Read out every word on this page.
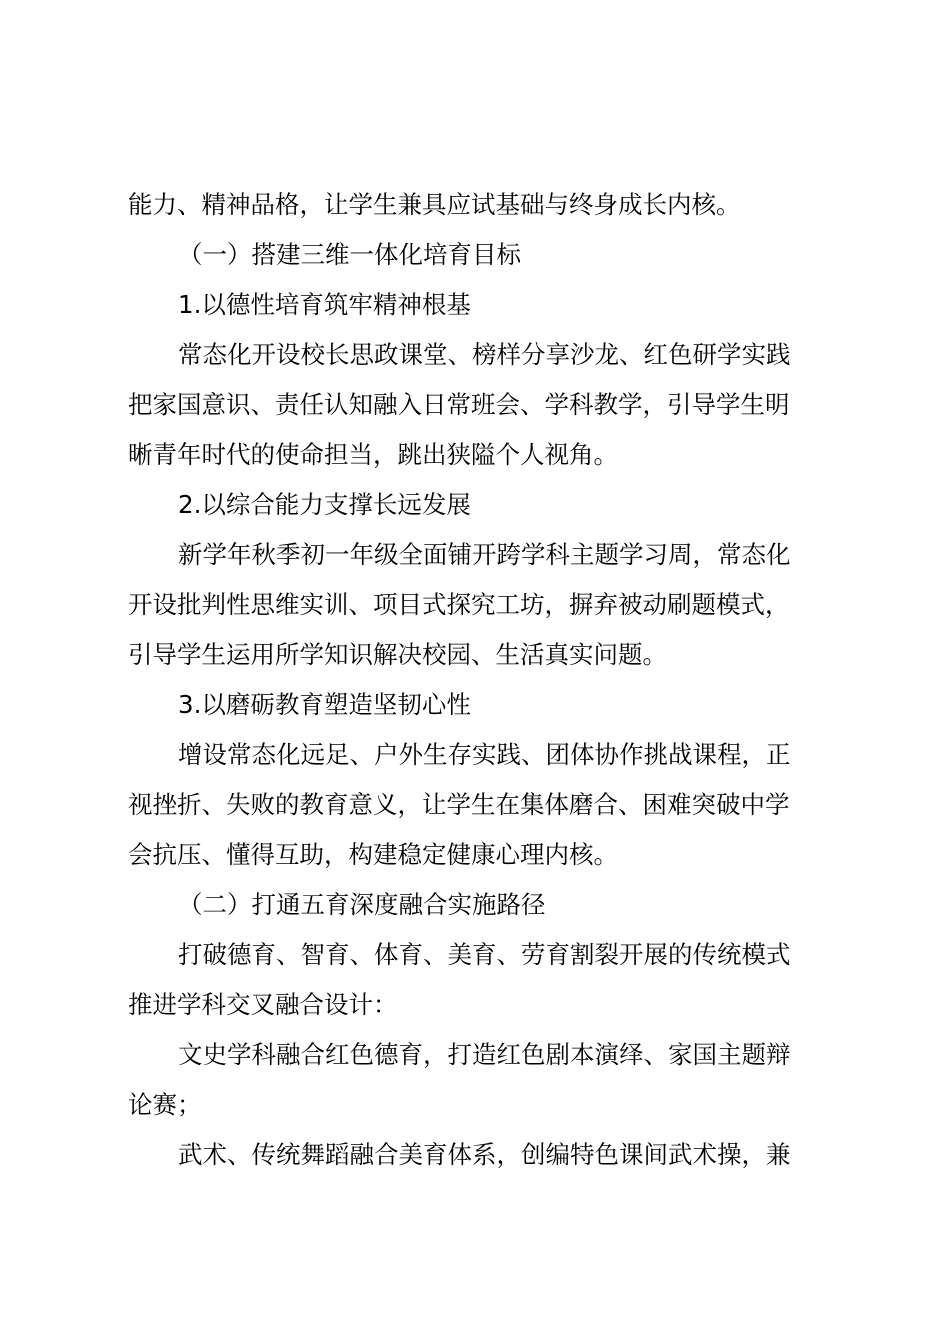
能力、精神品格，让学生兼具应试基础与终身成长内核。
（一）搭建三维一体化培育目标
1.以德性培育筑牢精神根基
常态化开设校长思政课堂、榜样分享沙龙、红色研学实践
把家国意识、责任认知融入日常班会、学科教学，引导学生明
晰青年时代的使命担当，跳出狭隘个人视角。
2.以综合能力支撑长远发展
新学年秋季初一年级全面铺开跨学科主题学习周，常态化
开设批判性思维实训、项目式探究工坊，摒弃被动刷题模式，
引导学生运用所学知识解决校园、生活真实问题。
3.以磨砺教育塑造坚韧心性
增设常态化远足、户外生存实践、团体协作挑战课程，正
视挫折、失败的教育意义，让学生在集体磨合、困难突破中学
会抗压、懂得互助，构建稳定健康心理内核。
（二）打通五育深度融合实施路径
打破德育、智育、体育、美育、劳育割裂开展的传统模式
推进学科交叉融合设计：
文史学科融合红色德育，打造红色剧本演绎、家国主题辩
论赛；
武术、传统舞蹈融合美育体系，创编特色课间武术操，兼
